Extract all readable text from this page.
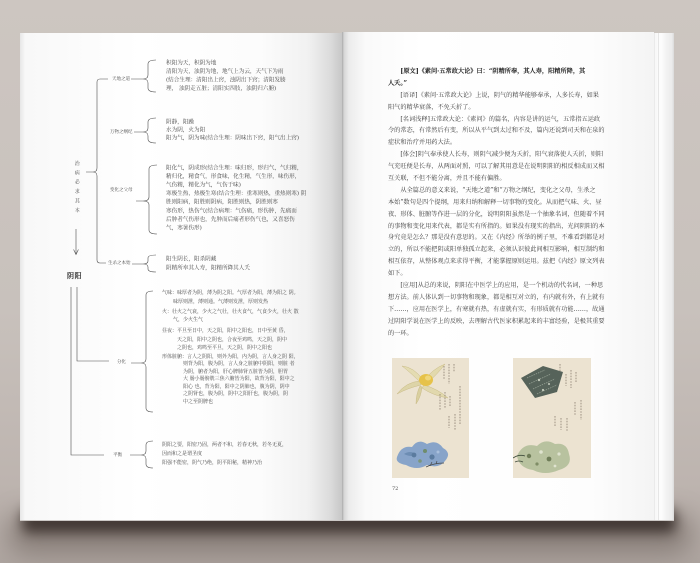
治病必求其本
阴阳
天地之道
积阳为天，积阴为地
清阳为天，浊阴为地，地气上为云，天气下为雨
(结合生理：清阳出上窍，浊阴出下窍；清阳发腠
理， 浊阴走五脏；清阳实四肢，浊阴归六腑)
万物之纲纪
阴静，阳躁
水为阴，火为阳
阳为气，阴为味(结合生理：阴味出下窍，阳气出上窍)
变化之父母
阳化气，阴成形(结合生理：味归形，形归气，气归精，
精归化，精食气，形食味，化生精，气生形，味伤形，
气伤精，精化为气，气伤于味)
寒极生热，热极生寒(结合生理：重寒则热，重热则寒) 阴
胜则阳病，阳胜则阴病，阳胜则热，阴胜则寒
寒伤形，热伤气(结合病理：气伤痛，形伤肿，先痛而
后肿者气伤形也，先肿而后痛者形伤气也，又喜怒伤
气，寒暑伤形)
生杀之本始
阳生阴长，阳杀阴藏
阴精所奉其人寿，阳精所降其人夭
分化
气味：味厚者为阴，薄为阴之阳。气厚者为阳，薄为阳之 阴。
味厚则泄，薄则通。气薄则发泄，厚则发热
火：壮火之气衰，少火之气壮，壮火食气，气食少火，壮火 散
气，少火生气
昼夜：平旦至日中，天之阳，阳中之阳也，日中至黄 昏，
天之阳，阳中之阴也，合夜至鸡鸣，天之阴，阴中
之阴也，鸡鸣至平旦，天之阴，阴中之阳也
形体脏腑：言人之阴阳，则外为阳，内为阴，言人身之阴 阳，
则背为阳，腹为阴，言人身之脏腑中阴阳，则脏 者
为阴，腑者为阳，肝心脾肺肾五脏皆为阴，胆胃
大 肠小肠膀胱三焦六腑皆为阳，故背为阳，阳中之
阳心 也，背为阳，阳中之阴肺也，腹为阴，阴中
之阴肾也，腹为阴，阴中之阳肝也，腹为阴，阴
中之至阴脾也
平衡
阴阳之要，阳密乃固，两者不和，若春无秋，若冬无夏，
因而和之是谓圣度
阳强不能密，阴气乃绝，阴平阳秘，精神乃治
72
[原文]《素问·五常政大论》曰：“阴精所奉，其人寿，阳精所降，其
人夭。”
[语译]《素问·五常政大论》上说，阴气的精华能够奉承，人多长寿，如果
阳气的精华衰落，不免夭折了。
[名词浅释]五常政大论：《素问》的篇名，内容是讲的运气，五常指五运政
令的常态，有常然后有变，所以从平气到太过和不及，篇内还说到司天和在泉的
症状和治疗并用药大法。
[体会]阴气奉承使人长寿，则阴气减少便为夭折，阳气衰落使人夭折，则阳
气充旺便是长寿，从两面对照，可以了解其用意是在说明阴阳的相反相成而又相
互关联，不但不能分离，并且不能有偏胜。
从全篇总的意义来说，“天地之道”和“万物之纲纪，变化之父母，生杀之
本始”数句是四个提纲，用来归纳和解释一切事物的变化。从而把气味、火、昼
夜、形体、脏腑等作进一层的分化，说明阴阳虽然是一个抽象名词，但随着不同
的事物和变化用来代表，都是实有所指的。如果没有现实的指出，光问阴阳的本
身究竟是怎么？那是没有意思的。又在《内经》所举的例子里，不难看到都是对
立的，所以不能把阴或阳单独孤立起来，必须认识彼此间相互影响，相互制约和
相互依存，从整体观点来求得平衡，才能掌握原则运用。兹把《内经》原文列表
如下。
[应用]从总的来说，阴阳在中医学上的应用，是一个机动的代名词，一种思
想方法。前人体认到一切事物和现象，都是相互对立的，有内就有外，有上就有
下……，应用在医学上，有寒就有热，有虚就有实，有形质就有功能……，故通
过阴阳学说在医学上的反映，去理解古代医家积累起来的丰富经验，是极其重要
的一环。
